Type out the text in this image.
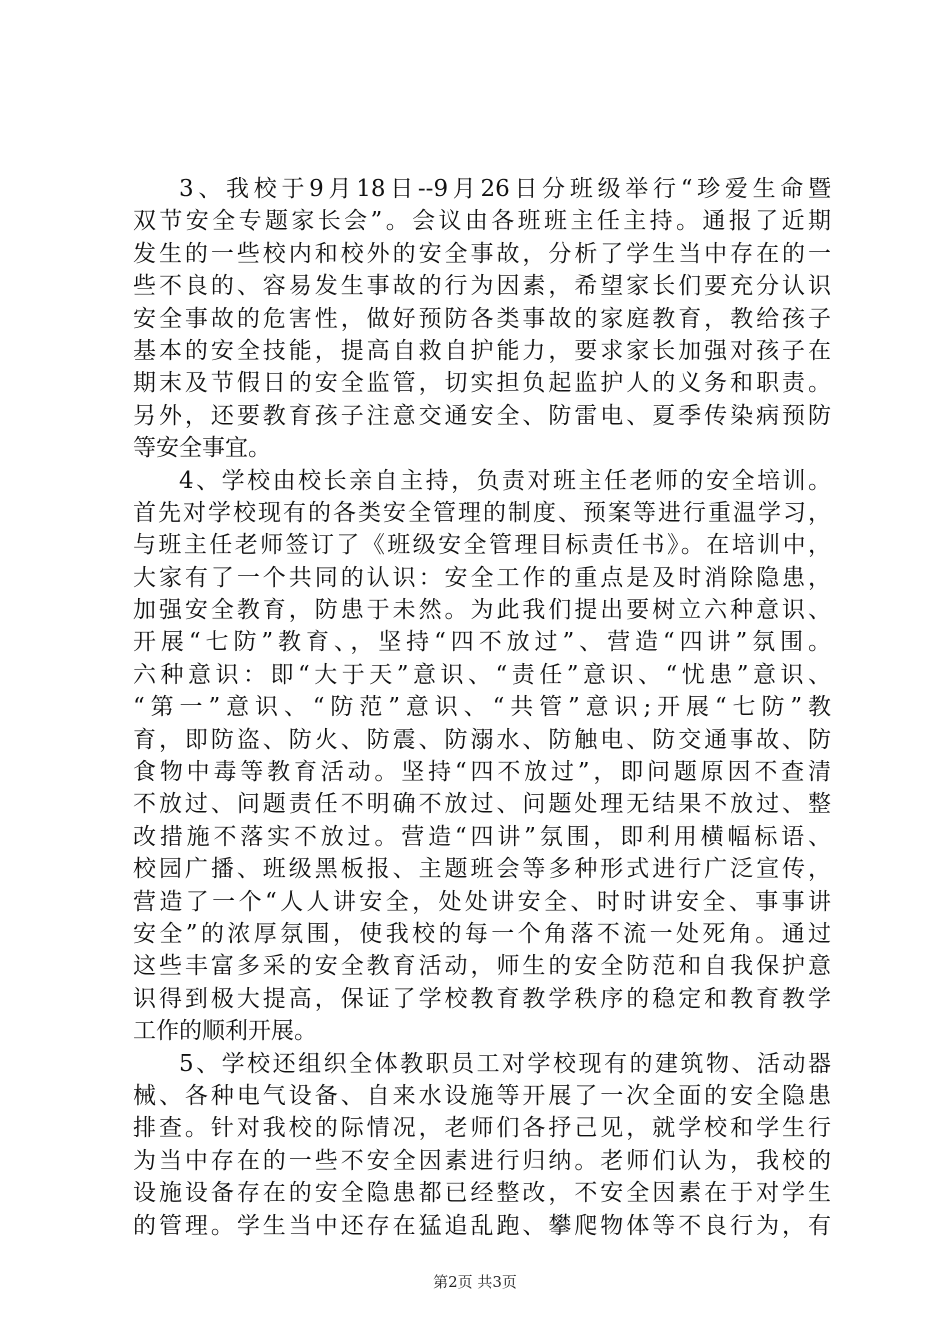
3、我校于9月18日--9月26日分班级举行“珍爱生命暨
双节安全专题家长会”。会议由各班班主任主持。通报了近期
发生的一些校内和校外的安全事故，分析了学生当中存在的一
些不良的、容易发生事故的行为因素，希望家长们要充分认识
安全事故的危害性，做好预防各类事故的家庭教育，教给孩子
基本的安全技能，提高自救自护能力，要求家长加强对孩子在
期末及节假日的安全监管，切实担负起监护人的义务和职责。
另外，还要教育孩子注意交通安全、防雷电、夏季传染病预防
等安全事宜。
4、学校由校长亲自主持，负责对班主任老师的安全培训。
首先对学校现有的各类安全管理的制度、预案等进行重温学习，
与班主任老师签订了《班级安全管理目标责任书》。在培训中，
大家有了一个共同的认识：安全工作的重点是及时消除隐患，
加强安全教育，防患于未然。为此我们提出要树立六种意识、
开展“七防”教育、，坚持“四不放过”、营造“四讲”氛围。
六种意识：即“大于天”意识、“责任”意识、“忧患”意识、
“第一”意识、“防范”意识、“共管”意识;开展“七防”教
育，即防盗、防火、防震、防溺水、防触电、防交通事故、防
食物中毒等教育活动。坚持“四不放过”，即问题原因不查清
不放过、问题责任不明确不放过、问题处理无结果不放过、整
改措施不落实不放过。营造“四讲”氛围，即利用横幅标语、
校园广播、班级黑板报、主题班会等多种形式进行广泛宣传，
营造了一个“人人讲安全，处处讲安全、时时讲安全、事事讲
安全”的浓厚氛围，使我校的每一个角落不流一处死角。通过
这些丰富多采的安全教育活动，师生的安全防范和自我保护意
识得到极大提高，保证了学校教育教学秩序的稳定和教育教学
工作的顺利开展。
5、学校还组织全体教职员工对学校现有的建筑物、活动器
械、各种电气设备、自来水设施等开展了一次全面的安全隐患
排查。针对我校的际情况，老师们各抒己见，就学校和学生行
为当中存在的一些不安全因素进行归纳。老师们认为，我校的
设施设备存在的安全隐患都已经整改，不安全因素在于对学生
的管理。学生当中还存在猛追乱跑、攀爬物体等不良行为，有
第2页 共3页
